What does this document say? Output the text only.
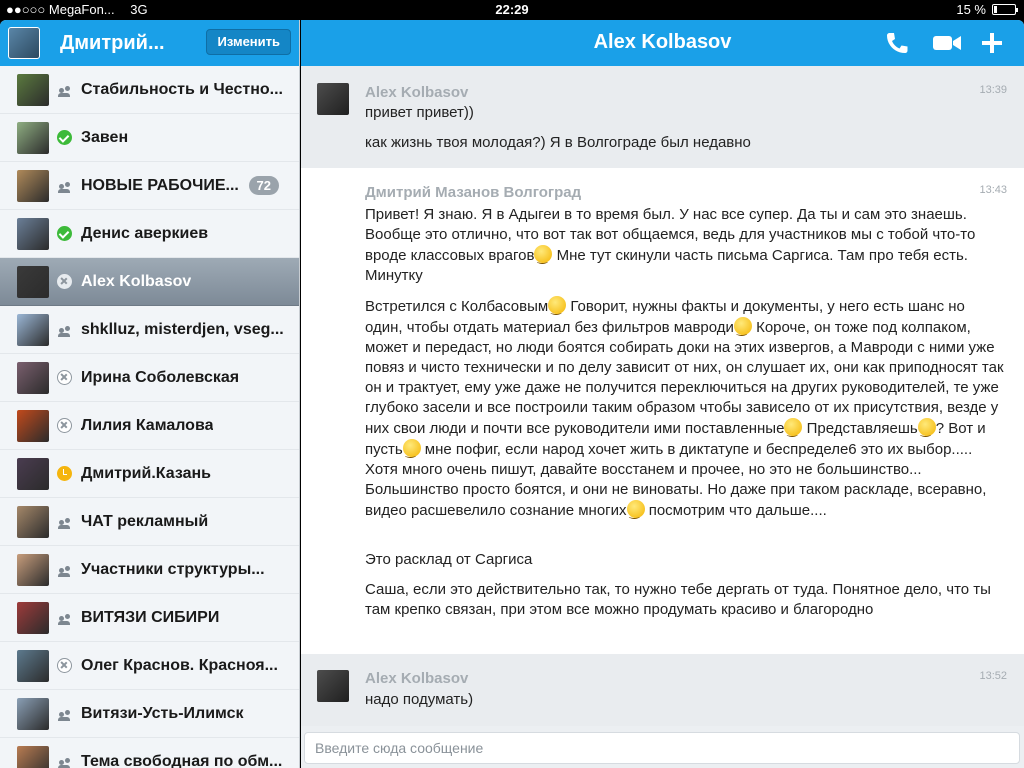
●●○○○ MegaFon... 3G	22:29	15 %
Дмитрий...	Изменить
Стабильность и Честно...
Завен
НОВЫЕ РАБОЧИЕ...	72
Денис аверкиев
Alex Kolbasov
shklluz, misterdjen, vseg...
Ирина Соболевская
Лилия Камалова
Дмитрий.Казань
ЧАТ рекламный
Участники структуры...
ВИТЯЗИ СИБИРИ
Олег Краснов. Красноя...
Витязи-Усть-Илимск
Тема свободная по обм...
Alex Kolbasov
Alex Kolbasov	13:39
привет привет))
как жизнь твоя молодая?) Я в Волгограде был недавно
Дмитрий Мазанов Волгоград	13:43
Привет! Я знаю. Я в Адыгеи в то время был. У нас все супер. Да ты и сам это знаешь. Вообще это отлично, что вот так вот общаемся, ведь для участников мы с тобой что-то вроде классовых врагов‿ Мне тут скинули часть письма Саргиса. Там про тебя есть. Минутку
Встретился с Колбасовым‿ Говорит, нужны факты и документы, у него есть шанс но один, чтобы отдать материал без фильтров мавроди‿ Короче, он тоже под колпаком, может и передаст, но люди боятся собирать доки на этих извергов, а Мавроди с ними уже повяз и чисто технически и по делу зависит от них, он слушает их, они как приподносят так он и трактует, ему уже даже не получится переключиться на других руководителей, те уже глубоко засели и все построили таким образом чтобы зависело от их присутствия, везде у них свои люди и почти все руководители ими поставленные‿ Представляешь‿ ? Вот и пусть‿ мне пофиг, если народ хочет жить в диктатупе и беспределе6 это их выбор..... Хотя много очень пишут, давайте восстанем и прочее, но это не большинство... Большинство просто боятся, и они не виноваты. Но даже при таком раскладе, всеравно, видео расшевелило сознание многих‿ посмотрим что дальше....
Это расклад от Саргиса
Саша, если это действительно так, то нужно тебе дергать от туда. Понятное дело, что ты там крепко связан, при этом все можно продумать красиво и благородно
Alex Kolbasov	13:52
надо подумать)
Введите сюда сообщение
